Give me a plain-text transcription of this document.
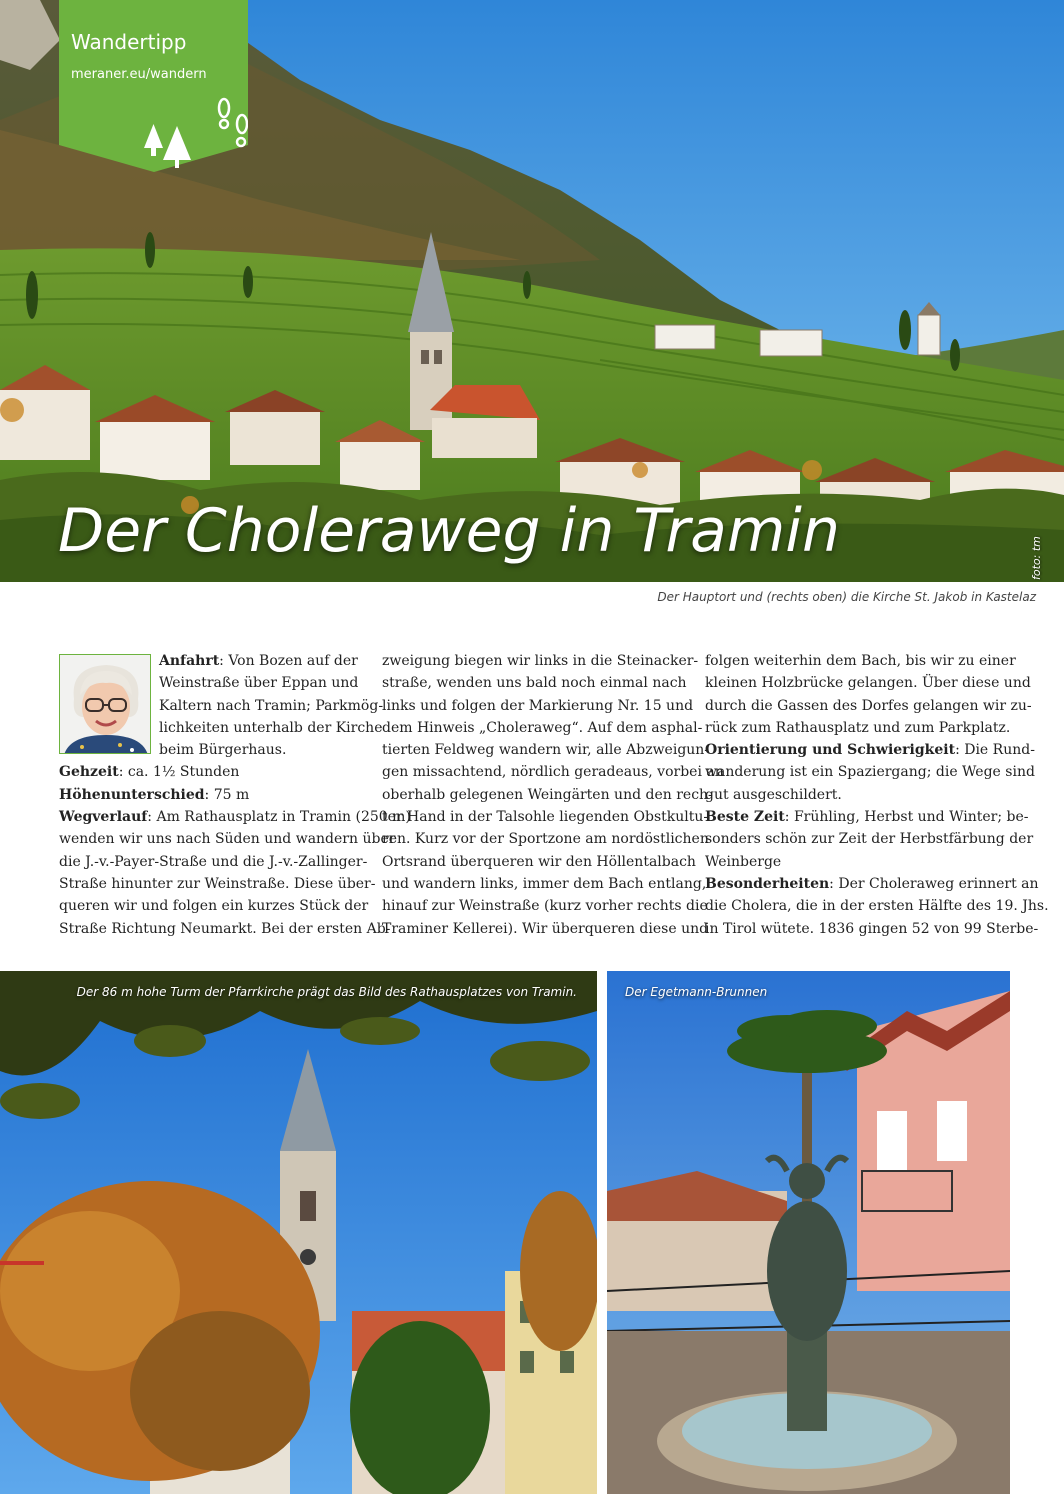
Der Choleraweg in Tramin	foto: tm
Wandertipp
meraner.eu/wandern
Der Hauptort und (rechts oben) die Kirche St. Jakob in Kastelaz
Anfahrt: Von Bozen auf der
Weinstraße über Eppan und
Kaltern nach Tramin; Parkmög-
lichkeiten unterhalb der Kirche
beim Bürgerhaus.
Gehzeit: ca. 1½ Stunden
Höhenunterschied: 75 m
Wegverlauf: Am Rathausplatz in Tramin (250 m)
wenden wir uns nach Süden und wandern über
die J.-v.-Payer-Straße und die J.-v.-Zallinger-
Straße hinunter zur Weinstraße. Diese über-
queren wir und folgen ein kurzes Stück der
Straße Richtung Neumarkt. Bei der ersten Ab-
zweigung biegen wir links in die Steinacker-
straße, wenden uns bald noch einmal nach
links und folgen der Markierung Nr. 15 und
dem Hinweis „Choleraweg“. Auf dem asphal-
tierten Feldweg wandern wir, alle Abzweigun-
gen missachtend, nördlich geradeaus, vorbei an
oberhalb gelegenen Weingärten und den rech-
ter Hand in der Talsohle liegenden Obstkultu-
ren. Kurz vor der Sportzone am nordöstlichen
Ortsrand überqueren wir den Höllentalbach
und wandern links, immer dem Bach entlang,
hinauf zur Weinstraße (kurz vorher rechts die
Traminer Kellerei). Wir überqueren diese und
folgen weiterhin dem Bach, bis wir zu einer
kleinen Holzbrücke gelangen. Über diese und
durch die Gassen des Dorfes gelangen wir zu-
rück zum Rathausplatz und zum Parkplatz.
Orientierung und Schwierigkeit: Die Rund-
wanderung ist ein Spaziergang; die Wege sind
gut ausgeschildert.
Beste Zeit: Frühling, Herbst und Winter; be-
sonders schön zur Zeit der Herbstfärbung der
Weinberge
Besonderheiten: Der Choleraweg erinnert an
die Cholera, die in der ersten Hälfte des 19. Jhs.
in Tirol wütete. 1836 gingen 52 von 99 Sterbe-
Der 86 m hohe Turm der Pfarrkirche prägt das Bild des Rathausplatzes von Tramin.	Der Egetmann-Brunnen
